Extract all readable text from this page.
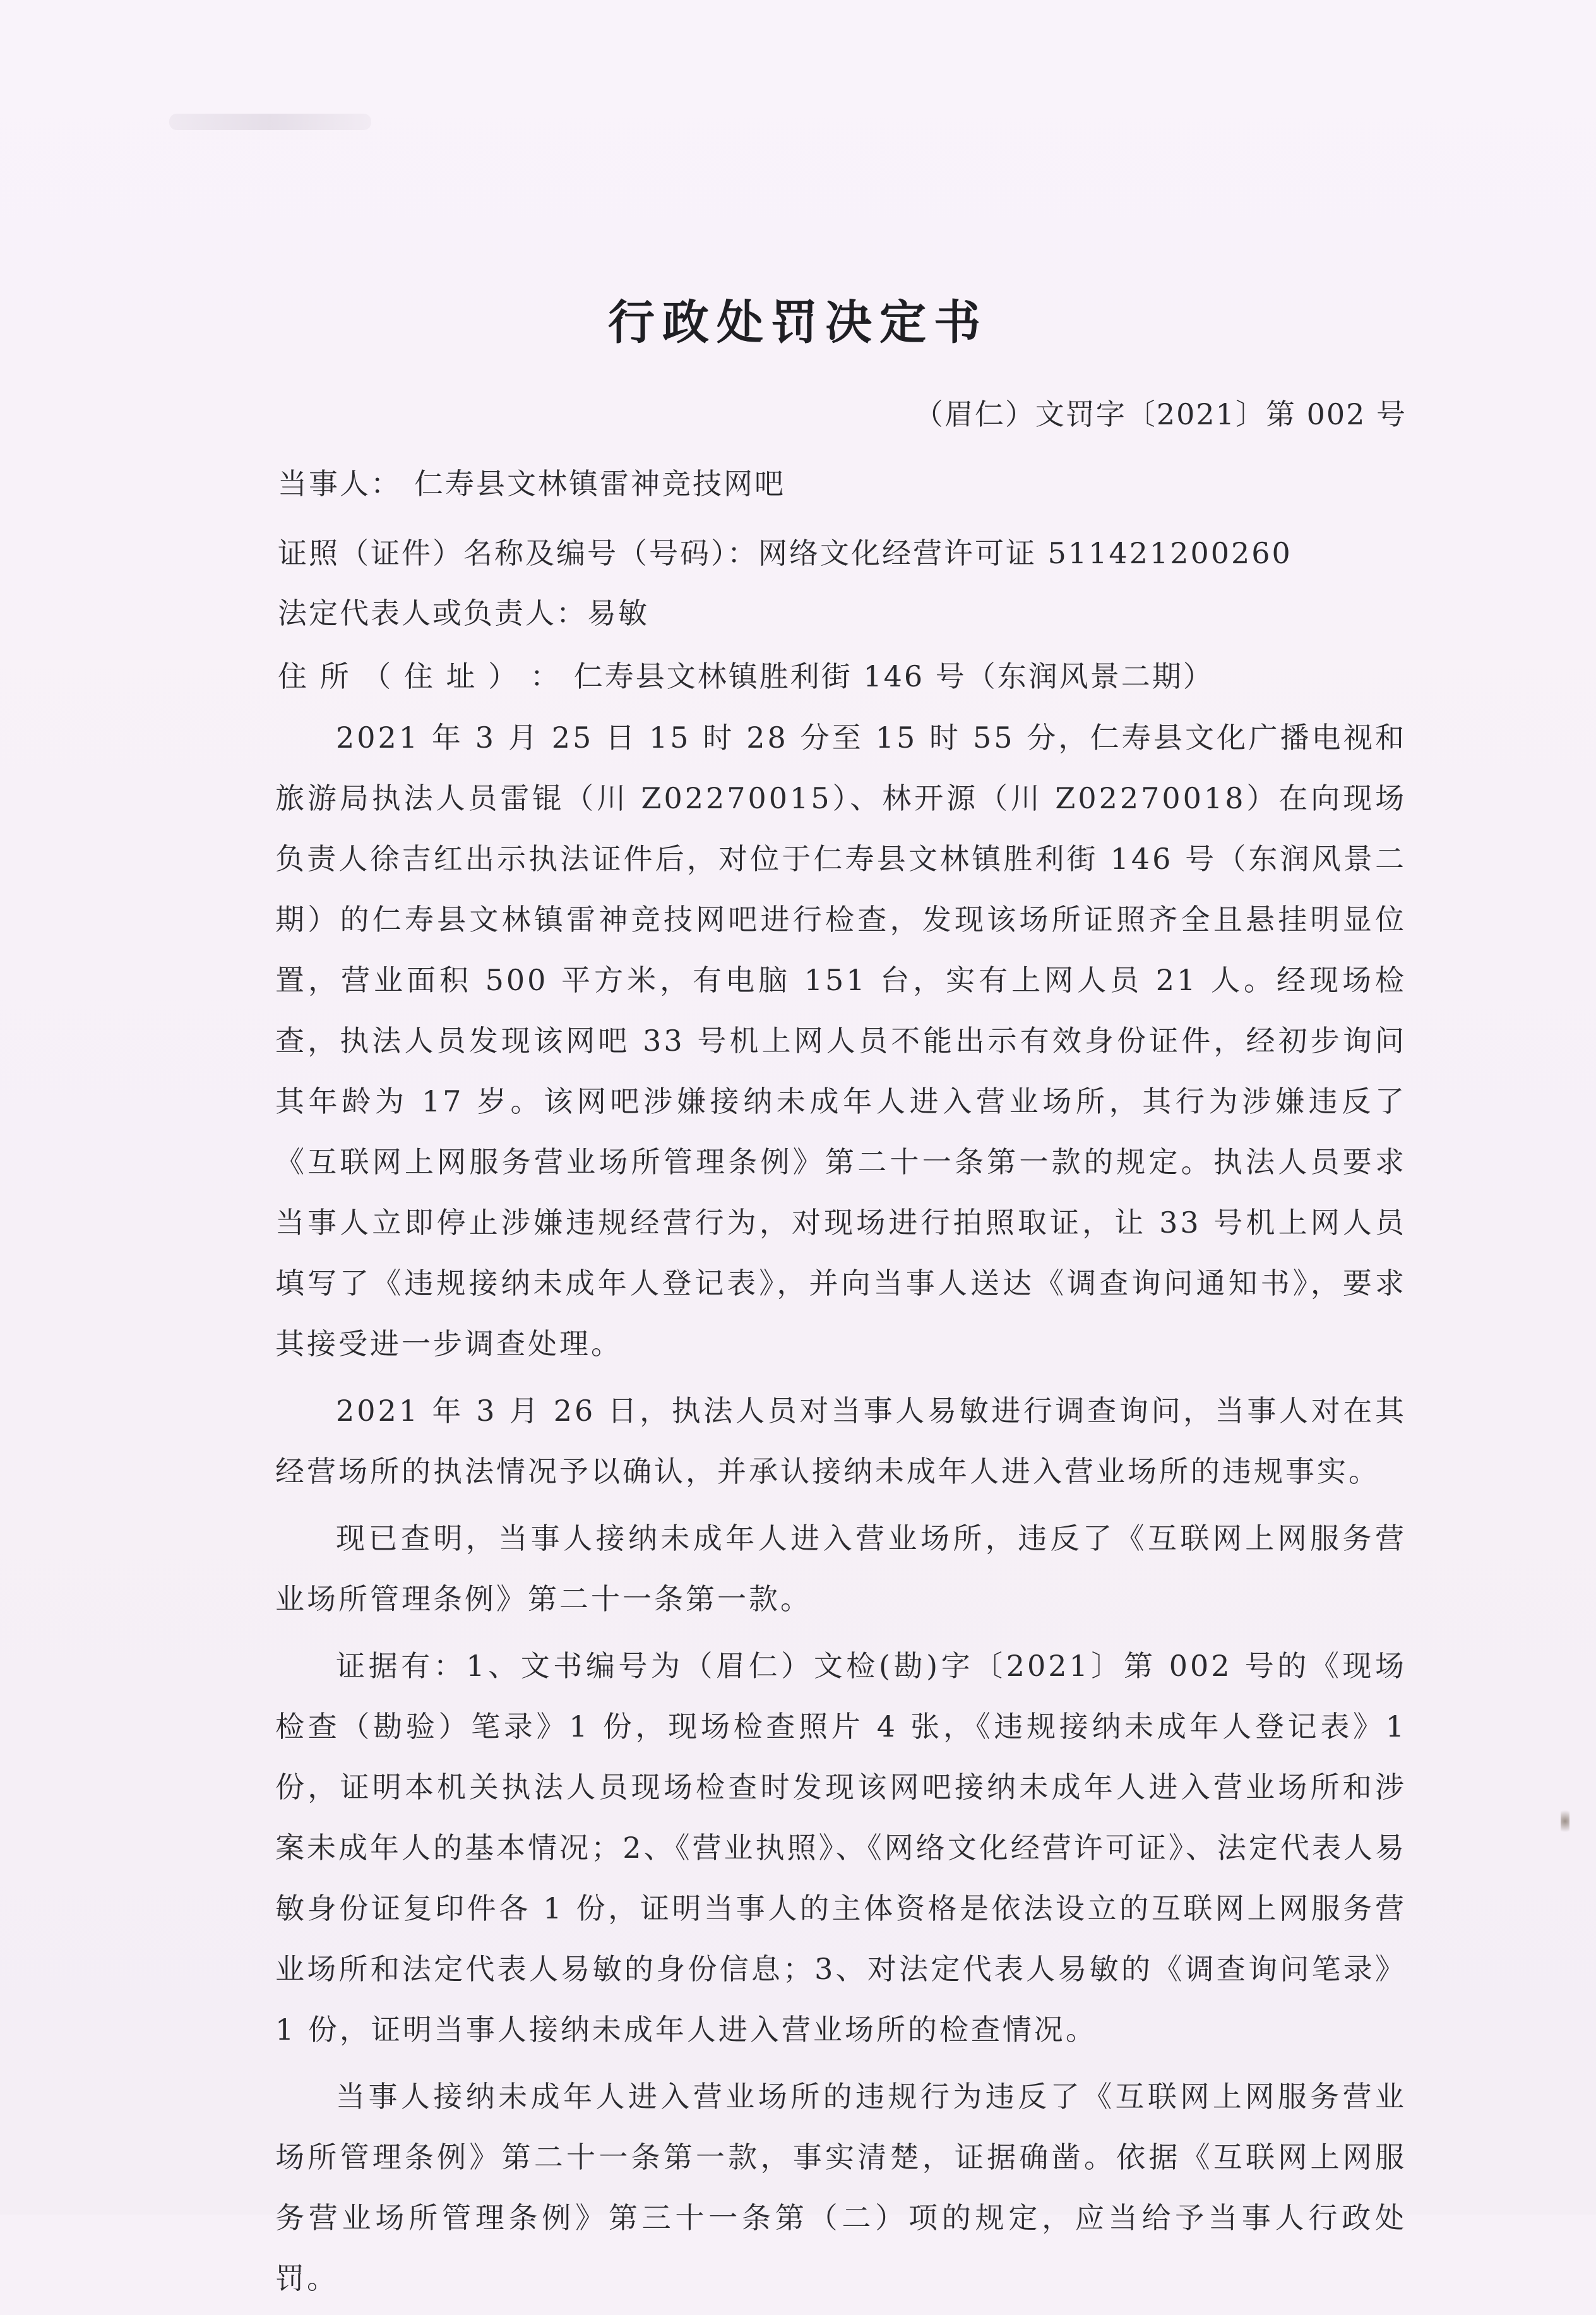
行政处罚决定书
（眉仁）文罚字〔2021〕第 002 号
当事人： 仁寿县文林镇雷神竞技网吧
证照（证件）名称及编号（号码）：网络文化经营许可证 511421200260
法定代表人或负责人：易敏
住 所 （ 住 址 ） ： 仁寿县文林镇胜利街 146 号（东润风景二期）

2021 年 3 月 25 日 15 时 28 分至 15 时 55 分，仁寿县文化广播电视和旅游局执法人员雷锟（川 Z02270015）、林开源（川 Z02270018）在向现场负责人徐吉红出示执法证件后，对位于仁寿县文林镇胜利街 146 号（东润风景二期）的仁寿县文林镇雷神竞技网吧进行检查，发现该场所证照齐全且悬挂明显位置，营业面积 500 平方米，有电脑 151 台，实有上网人员 21 人。经现场检查，执法人员发现该网吧 33 号机上网人员不能出示有效身份证件，经初步询问其年龄为 17 岁。该网吧涉嫌接纳未成年人进入营业场所，其行为涉嫌违反了《互联网上网服务营业场所管理条例》第二十一条第一款的规定。执法人员要求当事人立即停止涉嫌违规经营行为，对现场进行拍照取证，让 33 号机上网人员填写了《违规接纳未成年人登记表》，并向当事人送达《调查询问通知书》，要求其接受进一步调查处理。

2021 年 3 月 26 日，执法人员对当事人易敏进行调查询问，当事人对在其经营场所的执法情况予以确认，并承认接纳未成年人进入营业场所的违规事实。

现已查明，当事人接纳未成年人进入营业场所，违反了《互联网上网服务营业场所管理条例》第二十一条第一款。

证据有：1、文书编号为（眉仁）文检(勘)字〔2021〕第 002 号的《现场检查（勘验）笔录》1 份，现场检查照片 4 张，《违规接纳未成年人登记表》1 份，证明本机关执法人员现场检查时发现该网吧接纳未成年人进入营业场所和涉案未成年人的基本情况；2、《营业执照》、《网络文化经营许可证》、法定代表人易敏身份证复印件各 1 份，证明当事人的主体资格是依法设立的互联网上网服务营业场所和法定代表人易敏的身份信息；3、对法定代表人易敏的《调查询问笔录》1 份，证明当事人接纳未成年人进入营业场所的检查情况。

当事人接纳未成年人进入营业场所的违规行为违反了《互联网上网服务营业场所管理条例》第二十一条第一款，事实清楚，证据确凿。依据《互联网上网服务营业场所管理条例》第三十一条第（二）项的规定，应当给予当事人行政处罚。
